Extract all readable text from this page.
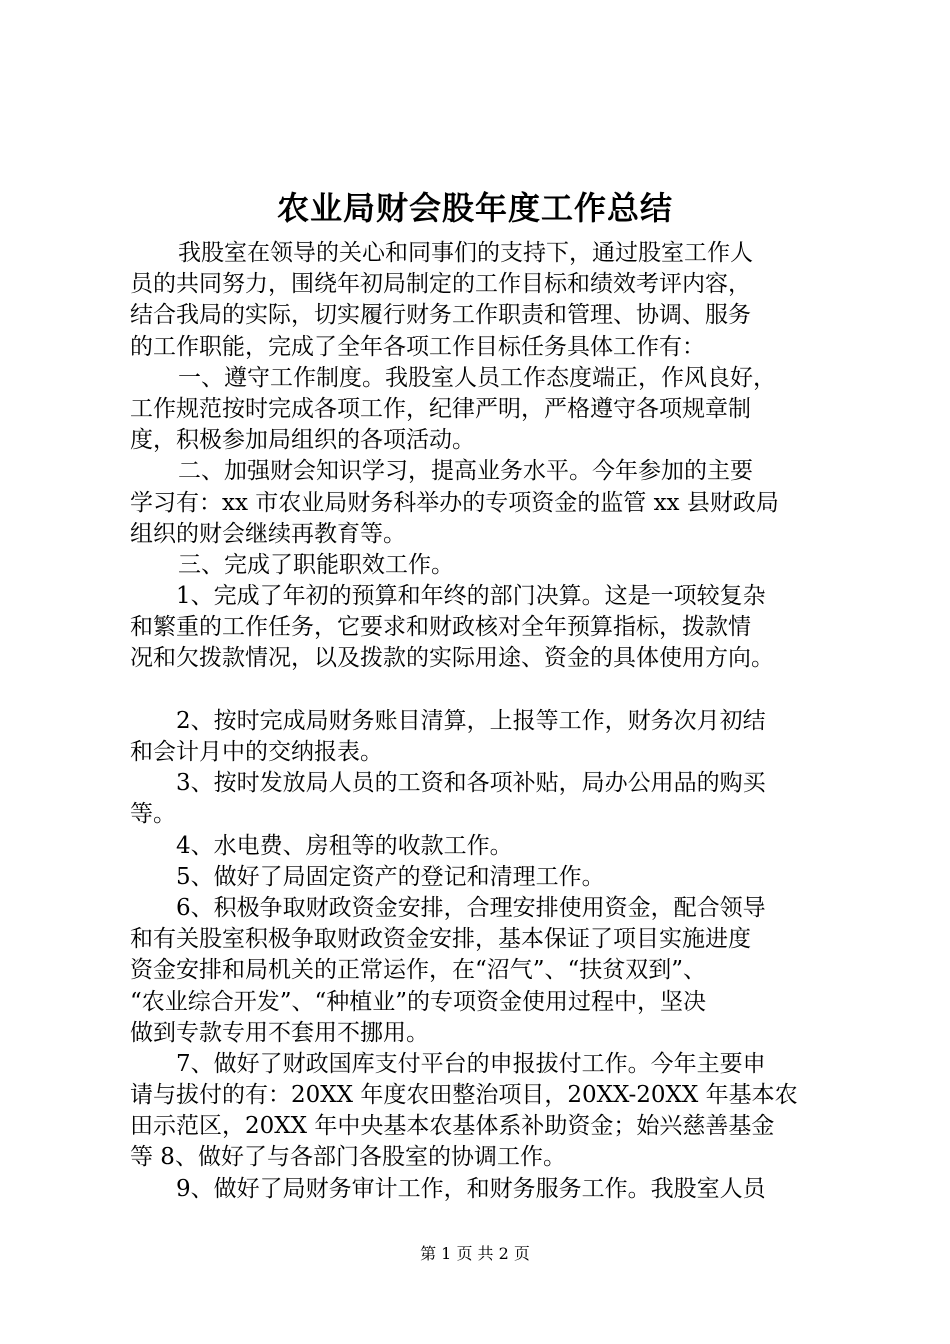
农业局财会股年度工作总结
我股室在领导的关心和同事们的支持下，通过股室工作人
员的共同努力，围绕年初局制定的工作目标和绩效考评内容，
结合我局的实际，切实履行财务工作职责和管理、协调、服务
的工作职能，完成了全年各项工作目标任务具体工作有：
一、遵守工作制度。我股室人员工作态度端正，作风良好，
工作规范按时完成各项工作，纪律严明，严格遵守各项规章制
度，积极参加局组织的各项活动。
二、加强财会知识学习，提高业务水平。今年参加的主要
学习有：xx 市农业局财务科举办的专项资金的监管 xx 县财政局
组织的财会继续再教育等。
三、完成了职能职效工作。
1、完成了年初的预算和年终的部门决算。这是一项较复杂
和繁重的工作任务，它要求和财政核对全年预算指标，拨款情
况和欠拨款情况，以及拨款的实际用途、资金的具体使用方向。
2、按时完成局财务账目清算，上报等工作，财务次月初结
和会计月中的交纳报表。
3、按时发放局人员的工资和各项补贴，局办公用品的购买
等。
4、水电费、房租等的收款工作。
5、做好了局固定资产的登记和清理工作。
6、积极争取财政资金安排，合理安排使用资金，配合领导
和有关股室积极争取财政资金安排，基本保证了项目实施进度
资金安排和局机关的正常运作，在“沼气”、“扶贫双到”、
“农业综合开发”、“种植业”的专项资金使用过程中，坚决
做到专款专用不套用不挪用。
7、做好了财政国库支付平台的申报拔付工作。今年主要申
请与拔付的有：20XX 年度农田整治项目，20XX-20XX 年基本农
田示范区，20XX 年中央基本农基体系补助资金；始兴慈善基金
等 8、做好了与各部门各股室的协调工作。
9、做好了局财务审计工作，和财务服务工作。我股室人员
第 1 页 共 2 页
